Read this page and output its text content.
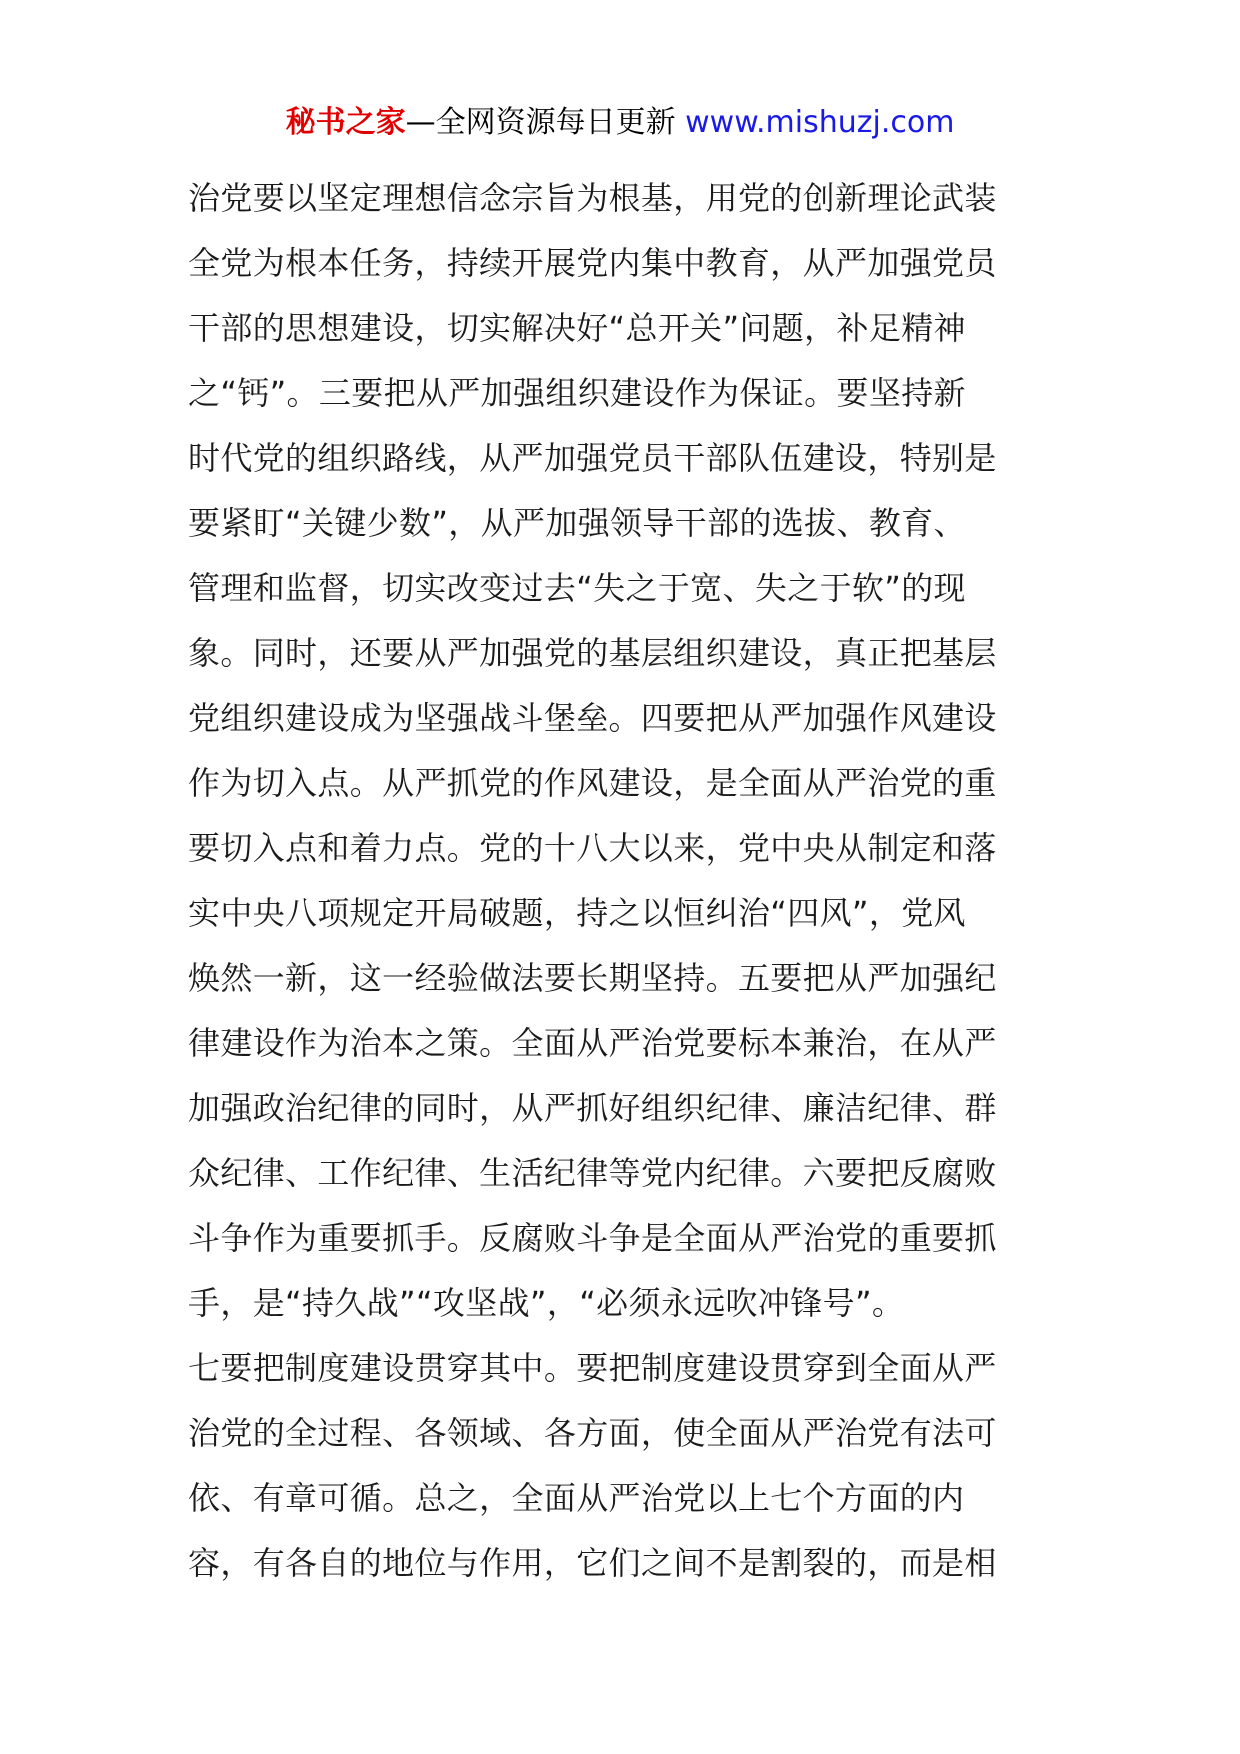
秘书之家—全网资源每日更新 www.mishuzj.com
治党要以坚定理想信念宗旨为根基，用党的创新理论武装
全党为根本任务，持续开展党内集中教育，从严加强党员
干部的思想建设，切实解决好“总开关”问题，补足精神
之“钙”。三要把从严加强组织建设作为保证。要坚持新
时代党的组织路线，从严加强党员干部队伍建设，特别是
要紧盯“关键少数”，从严加强领导干部的选拔、教育、
管理和监督，切实改变过去“失之于宽、失之于软”的现
象。同时，还要从严加强党的基层组织建设，真正把基层
党组织建设成为坚强战斗堡垒。四要把从严加强作风建设
作为切入点。从严抓党的作风建设，是全面从严治党的重
要切入点和着力点。党的十八大以来，党中央从制定和落
实中央八项规定开局破题，持之以恒纠治“四风”，党风
焕然一新，这一经验做法要长期坚持。五要把从严加强纪
律建设作为治本之策。全面从严治党要标本兼治，在从严
加强政治纪律的同时，从严抓好组织纪律、廉洁纪律、群
众纪律、工作纪律、生活纪律等党内纪律。六要把反腐败
斗争作为重要抓手。反腐败斗争是全面从严治党的重要抓
手，是“持久战”“攻坚战”，“必须永远吹冲锋号”。
七要把制度建设贯穿其中。要把制度建设贯穿到全面从严
治党的全过程、各领域、各方面，使全面从严治党有法可
依、有章可循。总之，全面从严治党以上七个方面的内
容，有各自的地位与作用，它们之间不是割裂的，而是相
